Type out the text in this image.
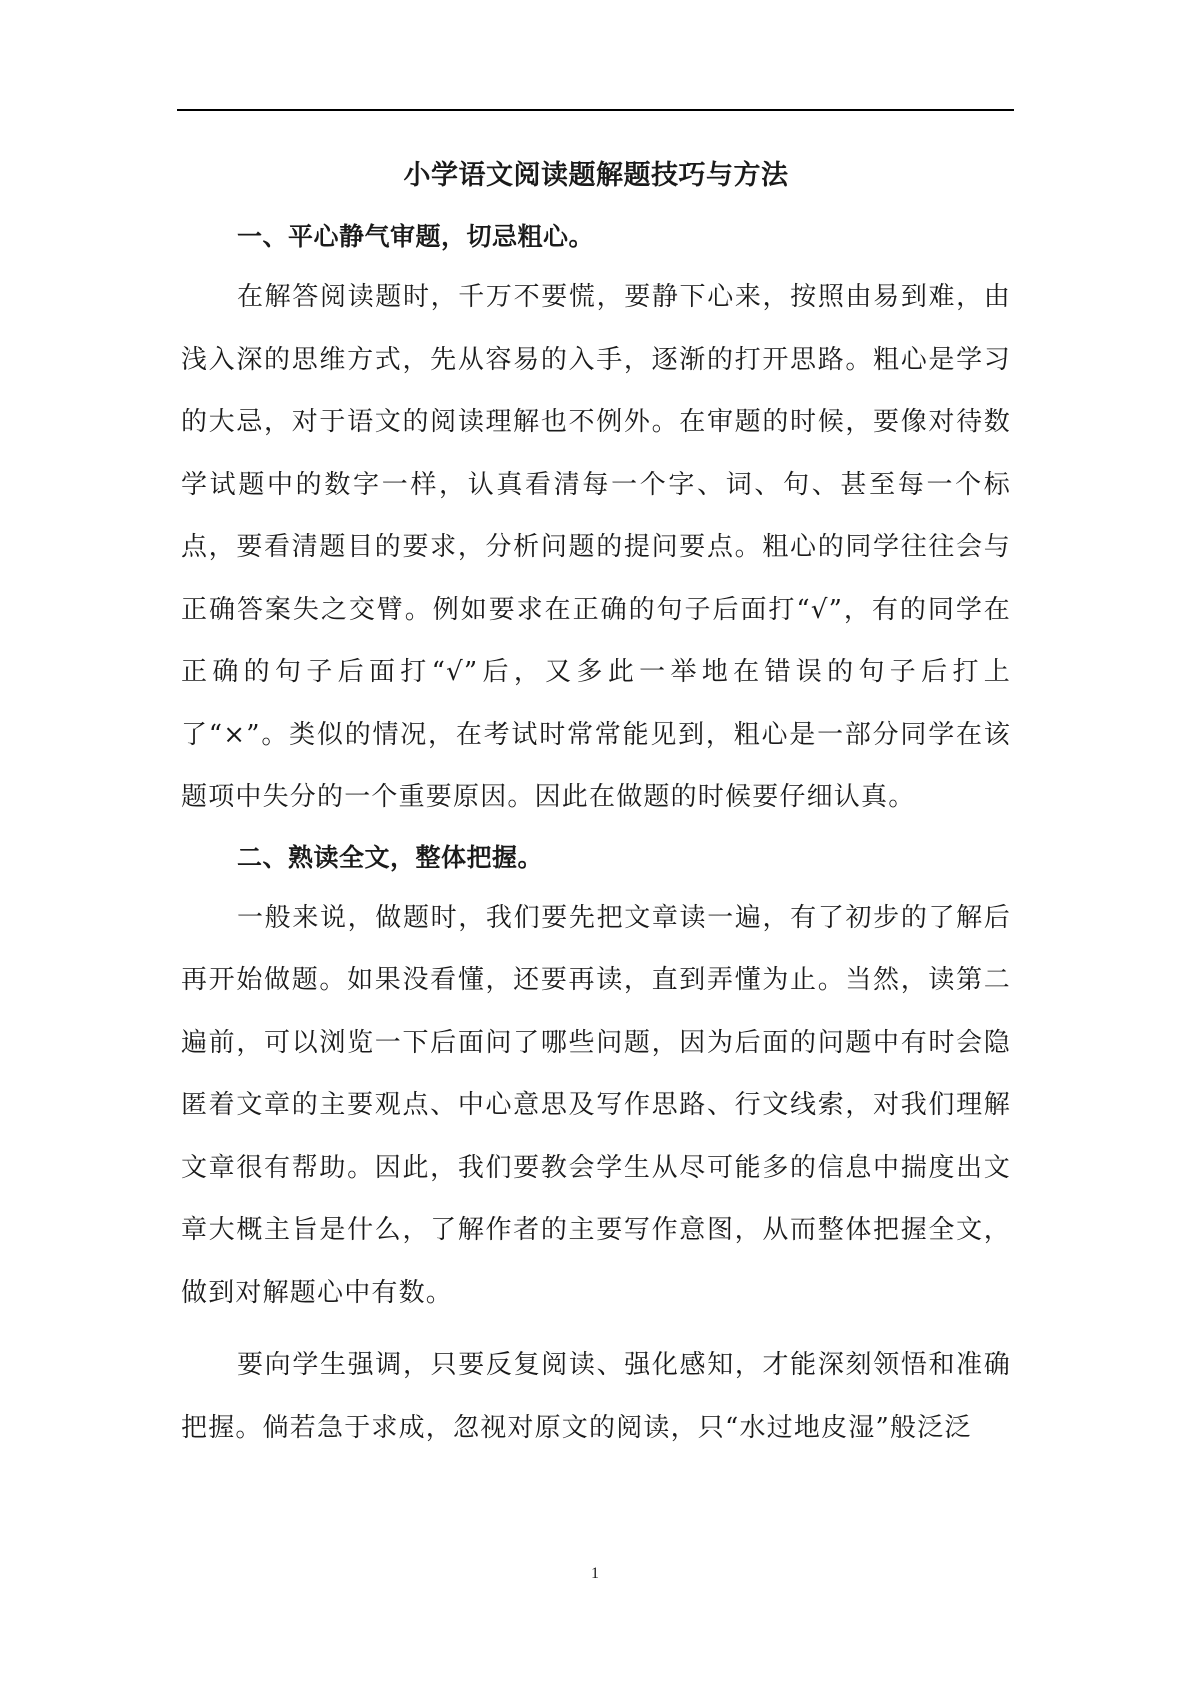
小学语文阅读题解题技巧与方法
一、平心静气审题，切忌粗心。

在解答阅读题时，千万不要慌，要静下心来，按照由易到难，由浅入深的思维方式，先从容易的入手，逐渐的打开思路。粗心是学习的大忌，对于语文的阅读理解也不例外。在审题的时候，要像对待数学试题中的数字一样，认真看清每一个字、词、句、甚至每一个标点，要看清题目的要求，分析问题的提问要点。粗心的同学往往会与正确答案失之交臂。例如要求在正确的句子后面打“√”，有的同学在正确的句子后面打“√”后，又多此一举地在错误的句子后打上了“×”。类似的情况，在考试时常常能见到，粗心是一部分同学在该题项中失分的一个重要原因。因此在做题的时候要仔细认真。

二、熟读全文，整体把握。

一般来说，做题时，我们要先把文章读一遍，有了初步的了解后再开始做题。如果没看懂，还要再读，直到弄懂为止。当然，读第二遍前，可以浏览一下后面问了哪些问题，因为后面的问题中有时会隐匿着文章的主要观点、中心意思及写作思路、行文线索，对我们理解文章很有帮助。因此，我们要教会学生从尽可能多的信息中揣度出文章大概主旨是什么，了解作者的主要写作意图，从而整体把握全文，做到对解题心中有数。

要向学生强调，只要反复阅读、强化感知，才能深刻领悟和准确把握。倘若急于求成，忽视对原文的阅读，只“水过地皮湿”般泛泛

1
